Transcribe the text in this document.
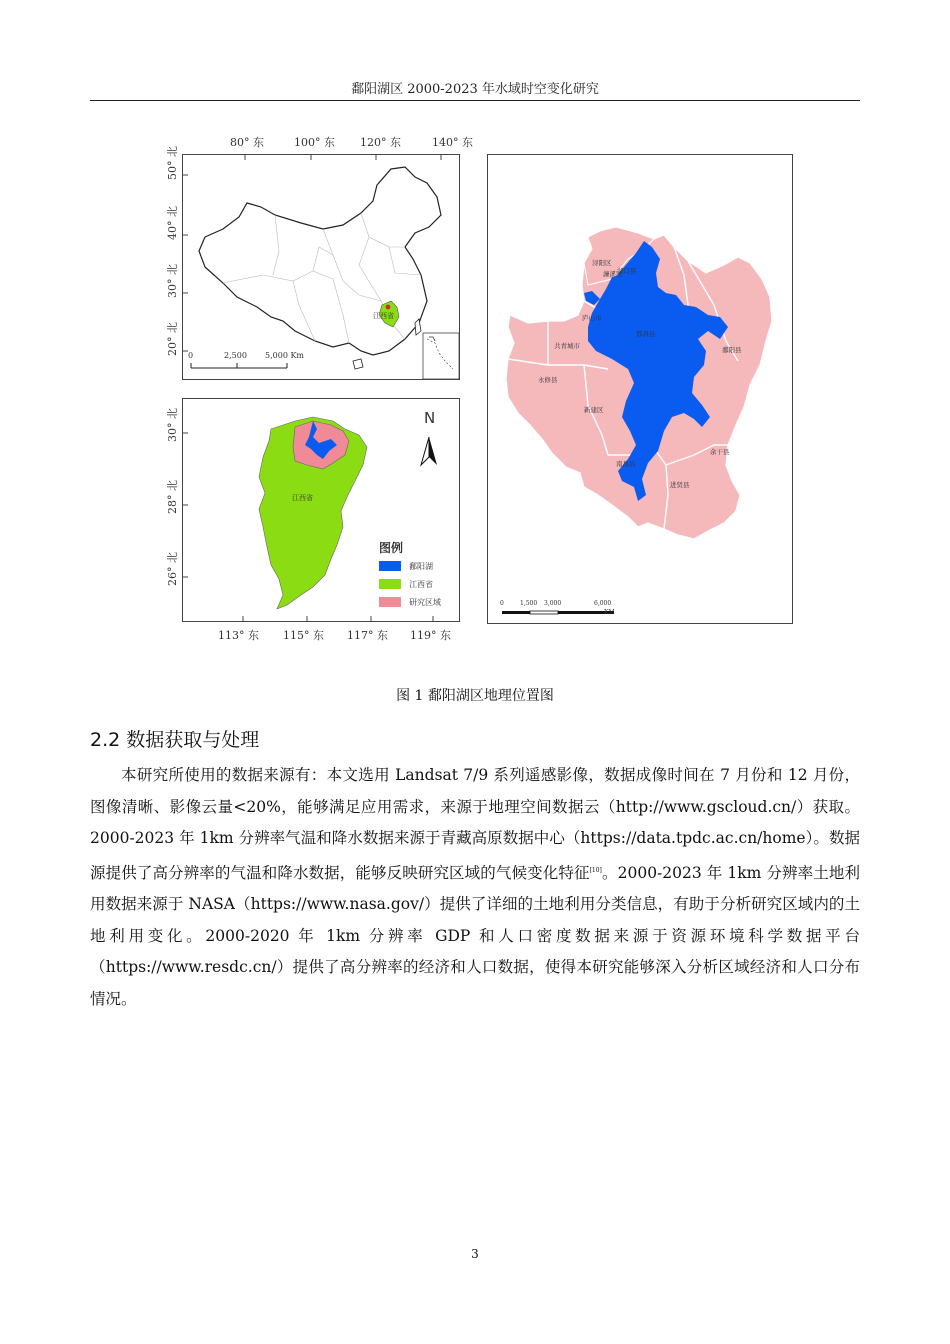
鄱阳湖区 2000-2023 年水域时空变化研究
80° 东	100° 东 120° 东	140° 东
50° 北
40° 北
30° 北
20° 北 0	2,500 5,000 Km
江西省
30° 北
28° 北
26° 北
江西省
N
图例
鄱阳湖
江西省
研究区域
113° 东 115° 东 117° 东 119° 东
湖口县
濂溪区
浔阳区
庐山市
都昌县
鄱阳县
共青城市
永修县
新建区
南昌县
余干县
进贤县
0	1,500 3,000	6,000
KM
图 1 鄱阳湖区地理位置图
2.2 数据获取与处理
本研究所使用的数据来源有：本文选用 Landsat 7/9 系列遥感影像，数据成像时间在 7 月份和 12 月份，图像清晰、影像云量<20%，能够满足应用需求，来源于地理空间数据云（http://www.gscloud.cn/）获取。2000-2023 年 1km 分辨率气温和降水数据来源于青藏高原数据中心（https://data.tpdc.ac.cn/home）。数据源提供了高分辨率的气温和降水数据，能够反映研究区域的气候变化特征[10]。2000-2023 年 1km 分辨率土地利用数据来源于 NASA（https://www.nasa.gov/）提供了详细的土地利用分类信息，有助于分析研究区域内的土地利用变化。2000-2020 年 1km 分辨率 GDP 和人口密度数据来源于资源环境科学数据平台（https://www.resdc.cn/）提供了高分辨率的经济和人口数据，使得本研究能够深入分析区域经济和人口分布情况。
3
